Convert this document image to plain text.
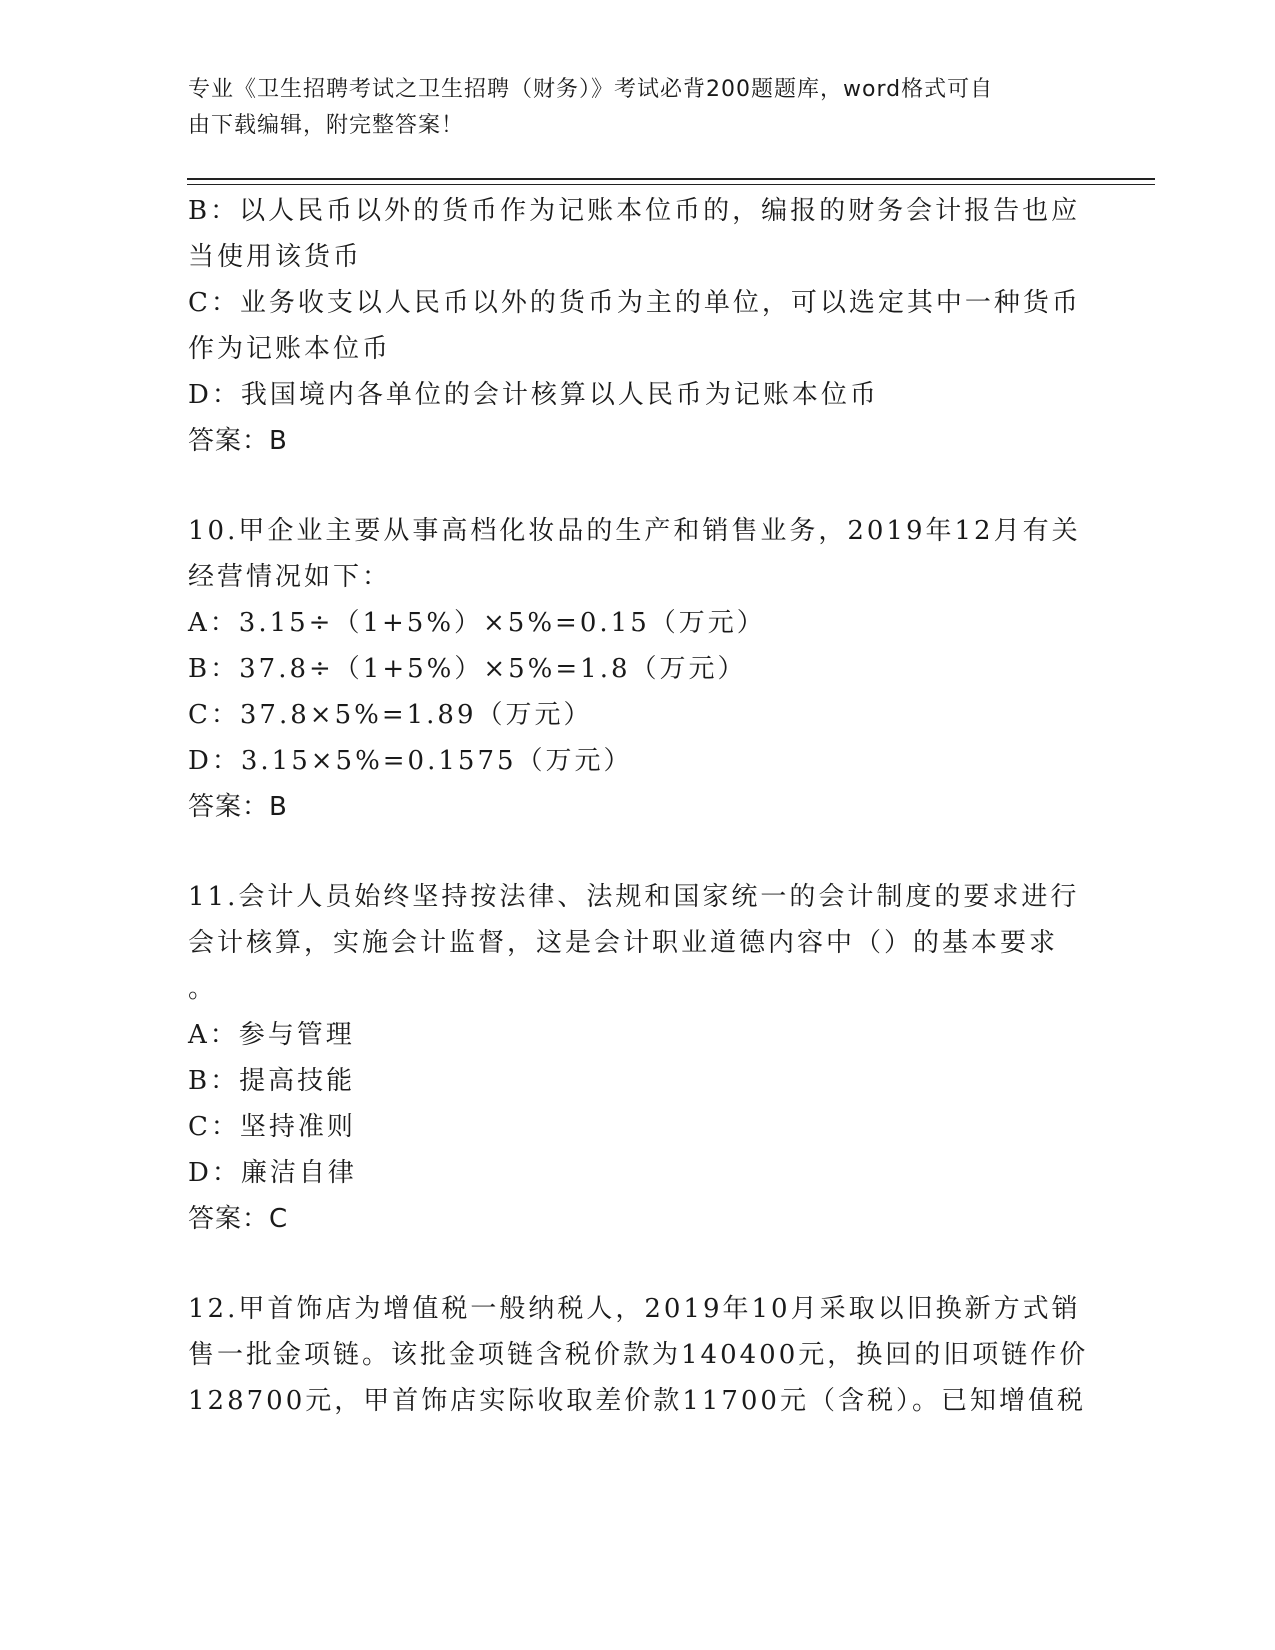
专业《卫生招聘考试之卫生招聘（财务）》考试必背200题题库，word格式可自
由下载编辑，附完整答案！
B：以人民币以外的货币作为记账本位币的，编报的财务会计报告也应
当使用该货币
C：业务收支以人民币以外的货币为主的单位，可以选定其中一种货币
作为记账本位币
D：我国境内各单位的会计核算以人民币为记账本位币
答案：B
10.甲企业主要从事高档化妆品的生产和销售业务，2019年12月有关
经营情况如下：
A：3.15÷（1+5%）×5%=0.15（万元）
B：37.8÷（1+5%）×5%=1.8（万元）
C：37.8×5%=1.89（万元）
D：3.15×5%=0.1575（万元）
答案：B
11.会计人员始终坚持按法律、法规和国家统一的会计制度的要求进行
会计核算，实施会计监督，这是会计职业道德内容中（）的基本要求
。
A：参与管理
B：提高技能
C：坚持准则
D：廉洁自律
答案：C
12.甲首饰店为增值税一般纳税人，2019年10月采取以旧换新方式销
售一批金项链。该批金项链含税价款为140400元，换回的旧项链作价
128700元，甲首饰店实际收取差价款11700元（含税）。已知增值税
